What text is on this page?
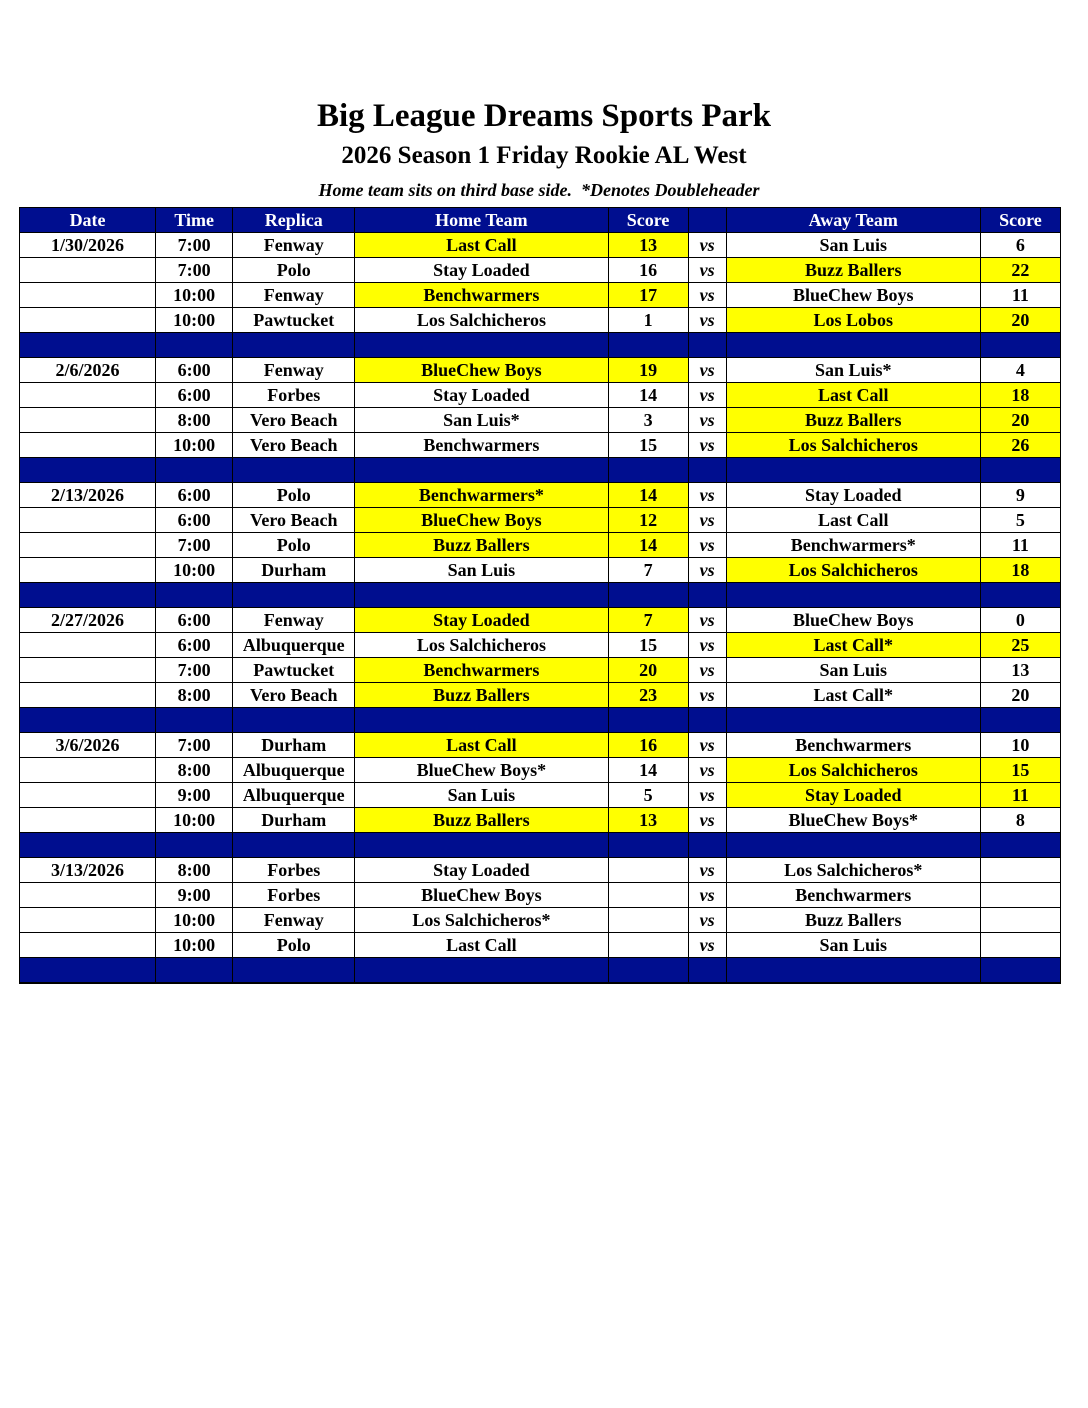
Big League Dreams Sports Park
2026 Season 1 Friday Rookie AL West
Home team sits on third base side.  *Denotes Doubleheader
Date	Time	Replica	Home Team	Score		Away Team	Score
1/30/2026	7:00	Fenway	Last Call	13	vs	San Luis	6
	7:00	Polo	Stay Loaded	16	vs	Buzz Ballers	22
	10:00	Fenway	Benchwarmers	17	vs	BlueChew Boys	11
	10:00	Pawtucket	Los Salchicheros	1	vs	Los Lobos	20

2/6/2026	6:00	Fenway	BlueChew Boys	19	vs	San Luis*	4
	6:00	Forbes	Stay Loaded	14	vs	Last Call	18
	8:00	Vero Beach	San Luis*	3	vs	Buzz Ballers	20
	10:00	Vero Beach	Benchwarmers	15	vs	Los Salchicheros	26

2/13/2026	6:00	Polo	Benchwarmers*	14	vs	Stay Loaded	9
	6:00	Vero Beach	BlueChew Boys	12	vs	Last Call	5
	7:00	Polo	Buzz Ballers	14	vs	Benchwarmers*	11
	10:00	Durham	San Luis	7	vs	Los Salchicheros	18

2/27/2026	6:00	Fenway	Stay Loaded	7	vs	BlueChew Boys	0
	6:00	Albuquerque	Los Salchicheros	15	vs	Last Call*	25
	7:00	Pawtucket	Benchwarmers	20	vs	San Luis	13
	8:00	Vero Beach	Buzz Ballers	23	vs	Last Call*	20

3/6/2026	7:00	Durham	Last Call	16	vs	Benchwarmers	10
	8:00	Albuquerque	BlueChew Boys*	14	vs	Los Salchicheros	15
	9:00	Albuquerque	San Luis	5	vs	Stay Loaded	11
	10:00	Durham	Buzz Ballers	13	vs	BlueChew Boys*	8

3/13/2026	8:00	Forbes	Stay Loaded		vs	Los Salchicheros*	
	9:00	Forbes	BlueChew Boys		vs	Benchwarmers	
	10:00	Fenway	Los Salchicheros*		vs	Buzz Ballers	
	10:00	Polo	Last Call		vs	San Luis	
